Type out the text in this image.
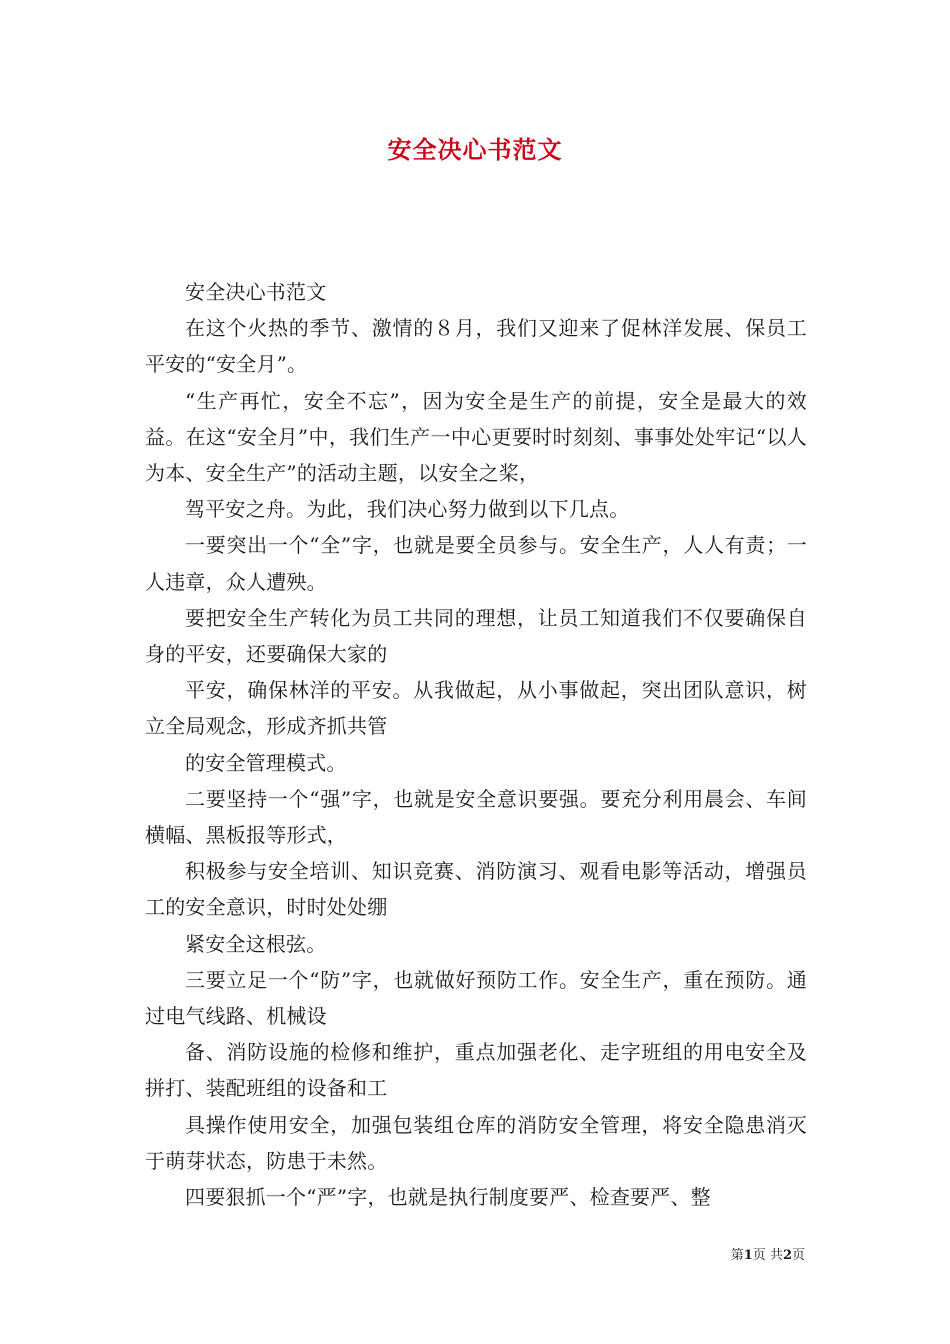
安全决心书范文

安全决心书范文

在这个火热的季节、激情的８月，我们又迎来了促林洋发展、保员工平安的“安全月”。

“生产再忙，安全不忘”，因为安全是生产的前提，安全是最大的效益。在这“安全月”中，我们生产一中心更要时时刻刻、事事处处牢记“以人为本、安全生产”的活动主题，以安全之桨，

驾平安之舟。为此，我们决心努力做到以下几点。

一要突出一个“全”字，也就是要全员参与。安全生产，人人有责；一人违章，众人遭殃。

要把安全生产转化为员工共同的理想，让员工知道我们不仅要确保自身的平安，还要确保大家的

平安，确保林洋的平安。从我做起，从小事做起，突出团队意识，树立全局观念，形成齐抓共管

的安全管理模式。

二要坚持一个“强”字，也就是安全意识要强。要充分利用晨会、车间横幅、黑板报等形式，

积极参与安全培训、知识竞赛、消防演习、观看电影等活动，增强员工的安全意识，时时处处绷

紧安全这根弦。

三要立足一个“防”字，也就做好预防工作。安全生产，重在预防。通过电气线路、机械设

备、消防设施的检修和维护，重点加强老化、走字班组的用电安全及拼打、装配班组的设备和工

具操作使用安全，加强包装组仓库的消防安全管理，将安全隐患消灭于萌芽状态，防患于未然。

四要狠抓一个“严”字，也就是执行制度要严、检查要严、整

第1页 共2页
